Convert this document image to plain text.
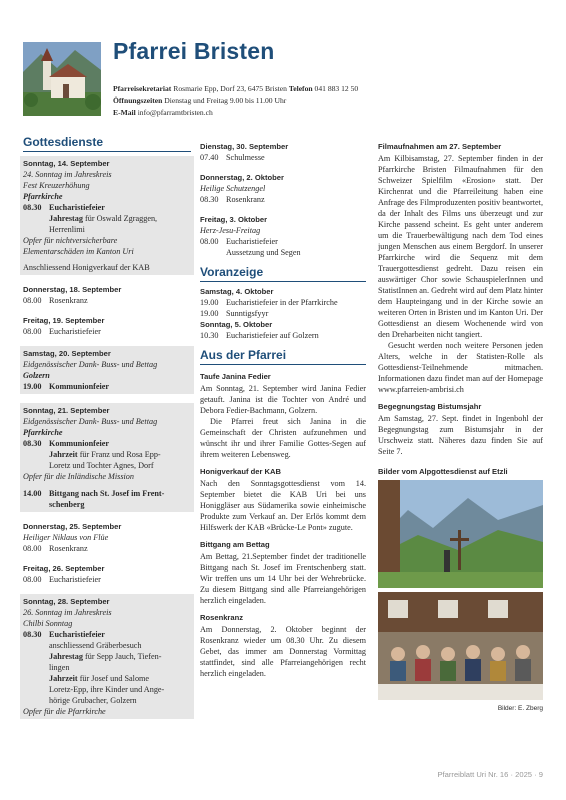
Pfarrei Bristen
Pfarreisekretariat Rosmarie Epp, Dorf 23, 6475 Bristen Telefon 041 883 12 50
Öffnungszeiten Dienstag und Freitag 9.00 bis 11.00 Uhr
E-Mail info@pfarramtbristen.ch
Gottesdienste
Sonntag, 14. September
24. Sonntag im Jahreskreis
Fest Kreuzerhöhung
Pfarrkirche
08.30 Eucharistiefeier
Jahrestag für Oswald Zgraggen,
Herrenlimi
Opfer für nichtversicherbare
Elementarschäden im Kanton Uri
Anschliessend Honigverkauf der KAB
Donnerstag, 18. September
08.00 Rosenkranz
Freitag, 19. September
08.00 Eucharistiefeier
Samstag, 20. September
Eidgenössischer Dank- Buss- und Bettag
Golzern
19.00 Kommunionfeier
Sonntag, 21. September
Eidgenössischer Dank- Buss- und Bettag
Pfarrkirche
08.30 Kommunionfeier
Jahrzeit für Franz und Rosa Epp-
Loretz und Tochter Agnes, Dorf
Opfer für die Inländische Mission
14.00 Bittgang nach St. Josef im Frent-
schenberg
Donnerstag, 25. September
Heiliger Niklaus von Flüe
08.00 Rosenkranz
Freitag, 26. September
08.00 Eucharistiefeier
Sonntag, 28. September
26. Sonntag im Jahreskreis
Chilbi Sonntag
08.30 Eucharistiefeier
anschliessend Gräberbesuch
Jahrestag für Sepp Jauch, Tiefen-
lingen
Jahrzeit für Josef und Salome
Loretz-Epp, ihre Kinder und Ange-
hörige Grubacher, Golzern
Opfer für die Pfarrkirche
Dienstag, 30. September
07.40 Schulmesse
Donnerstag, 2. Oktober
Heilige Schutzengel
08.30 Rosenkranz
Freitag, 3. Oktober
Herz-Jesu-Freitag
08.00 Eucharistiefeier
Aussetzung und Segen
Voranzeige
Samstag, 4. Oktober
19.00 Eucharistiefeier in der Pfarrkirche
19.00 Sunntigsfyyr
Sonntag, 5. Oktober
10.30 Eucharistiefeier auf Golzern
Aus der Pfarrei
Taufe Janina Fedier
Am Sonntag, 21. September wird Janina Fedier getauft. Janina ist die Tochter von André und Debora Fedier-Bachmann, Golzern.
Die Pfarrei freut sich Janina in die Gemeinschaft der Christen aufzunehmen und wünscht ihr und ihrer Familie Gottes-Segen auf ihrem weiteren Lebensweg.
Honigverkauf der KAB
Nach den Sonntagsgottesdienst vom 14. September bietet die KAB Uri bei uns Honiggläser aus Südamerika sowie einheimische Produkte zum Verkauf an. Der Erlös kommt dem Hilfswerk der KAB «Brücke-Le Pont» zugute.
Bittgang am Bettag
Am Bettag, 21.September findet der traditionelle Bittgang nach St. Josef im Frentschenberg statt. Wir treffen uns um 14 Uhr bei der Wehrebrücke. Zu diesem Bittgang sind alle Pfarreiangehörigen herzlich eingeladen.
Rosenkranz
Am Donnerstag, 2. Oktober beginnt der Rosenkranz wieder um 08.30 Uhr. Zu diesem Gebet, das immer am Donnerstag Vormittag stattfindet, sind alle Pfarreiangehörigen recht herzlich eingeladen.
Filmaufnahmen am 27. September
Am Kilbisamstag, 27. September finden in der Pfarrkirche Bristen Filmaufnahmen für den Schweizer Spielfilm «Erosion» statt. Der Kirchenrat und die Pfarreileitung haben eine Anfrage des Filmproduzenten positiv beantwortet, da der Inhalt des Films uns überzeugt und zur Kirche passend scheint. Es geht unter anderem um die Trauerbewältigung nach dem Tod eines jungen Menschen aus einem Bergdorf. In unserer Pfarrkirche wird die Sequenz mit dem Trauergottesdienst gedreht. Dazu reisen ein auswärtiger Chor sowie SchauspielerInnen und StatistInnen an. Gedreht wird auf dem Platz hinter dem Haupteingang und in der Kirche sowie an weiteren Orten in Bristen und im Kanton Uri. Der Gottesdienst an diesem Wochenende wird von den Dreharbeiten nicht tangiert.
Gesucht werden noch weitere Personen jeden Alters, welche in der Statisten-Rolle als Gottesdienst-Teilnehmende mitmachen. Informationen dazu findet man auf der Homepage www.pfarreien-ambrisi.ch
Begegnungstag Bistumsjahr
Am Samstag, 27. Sept. findet in Ingenbohl der Begegnungstag zum Bistumsjahr in der Urschweiz statt. Näheres dazu finden Sie auf Seite 7.
Bilder vom Alpgottesdienst auf Etzli
Bilder: E. Zberg
Pfarreiblatt Uri Nr. 16 · 2025 · 9
